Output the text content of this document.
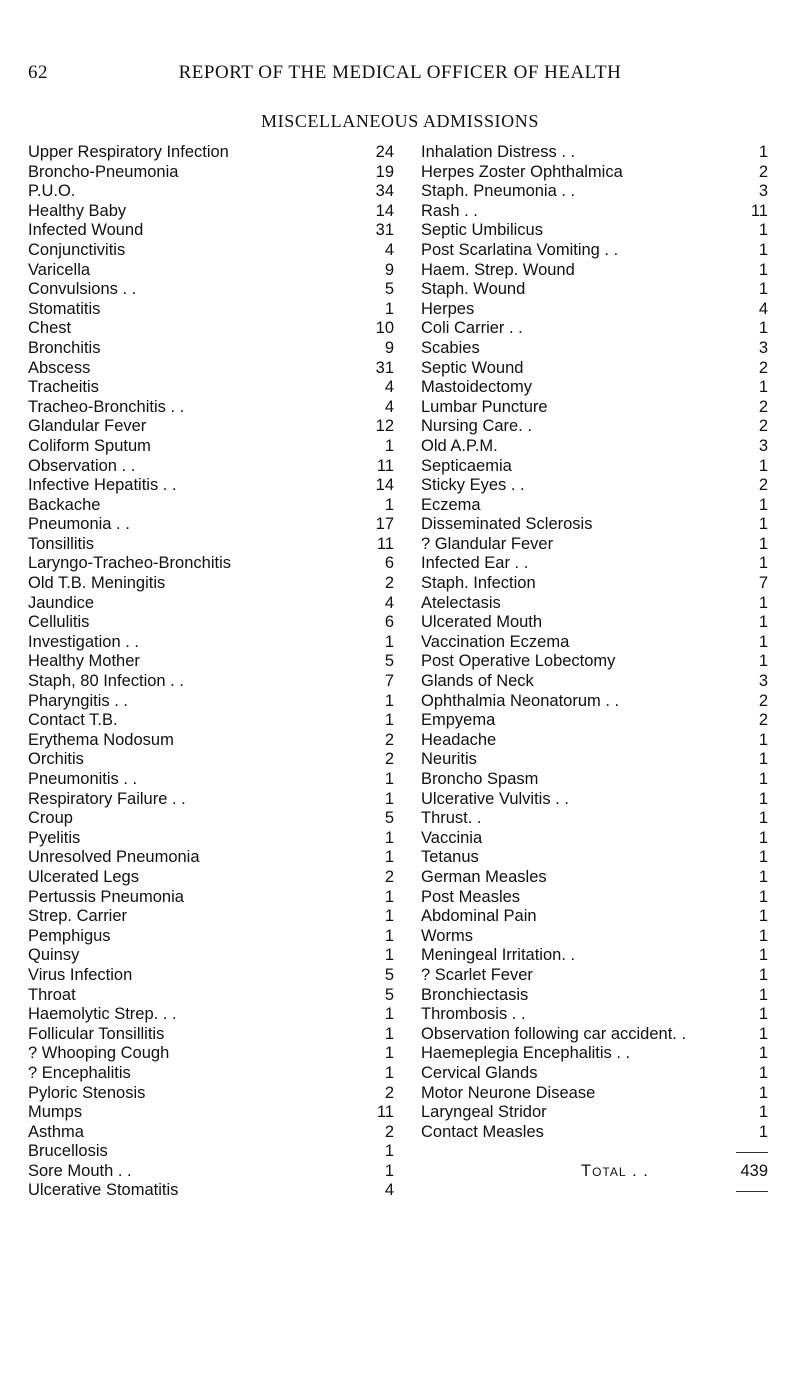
62	REPORT OF THE MEDICAL OFFICER OF HEALTH
MISCELLANEOUS ADMISSIONS
Upper Respiratory Infection	24
Broncho-Pneumonia	19
P.U.O.	34
Healthy Baby	14
Infected Wound	31
Conjunctivitis	4
Varicella	9
Convulsions . .	5
Stomatitis	1
Chest	10
Bronchitis	9
Abscess	31
Tracheitis	4
Tracheo-Bronchitis . .	4
Glandular Fever	12
Coliform Sputum	1
Observation . .	11
Infective Hepatitis . .	14
Backache	1
Pneumonia . .	17
Tonsillitis	11
Laryngo-Tracheo-Bronchitis	6
Old T.B. Meningitis	2
Jaundice	4
Cellulitis	6
Investigation . .	1
Healthy Mother	5
Staph, 80 Infection . .	7
Pharyngitis . .	1
Contact T.B.	1
Erythema Nodosum	2
Orchitis	2
Pneumonitis . .	1
Respiratory Failure . .	1
Croup	5
Pyelitis	1
Unresolved Pneumonia	1
Ulcerated Legs	2
Pertussis Pneumonia	1
Strep. Carrier	1
Pemphigus	1
Quinsy	1
Virus Infection	5
Throat	5
Haemolytic Strep. . .	1
Follicular Tonsillitis	1
? Whooping Cough	1
? Encephalitis	1
Pyloric Stenosis	2
Mumps	11
Asthma	2
Brucellosis	1
Sore Mouth . .	1
Ulcerative Stomatitis	4
Inhalation Distress . .	1
Herpes Zoster Ophthalmica	2
Staph. Pneumonia . .	3
Rash . .	11
Septic Umbilicus	1
Post Scarlatina Vomiting . .	1
Haem. Strep. Wound	1
Staph. Wound	1
Herpes	4
Coli Carrier . .	1
Scabies	3
Septic Wound	2
Mastoidectomy	1
Lumbar Puncture	2
Nursing Care. .	2
Old A.P.M.	3
Septicaemia	1
Sticky Eyes . .	2
Eczema	1
Disseminated Sclerosis	1
? Glandular Fever	1
Infected Ear . .	1
Staph. Infection	7
Atelectasis	1
Ulcerated Mouth	1
Vaccination Eczema	1
Post Operative Lobectomy	1
Glands of Neck	3
Ophthalmia Neonatorum . .	2
Empyema	2
Headache	1
Neuritis	1
Broncho Spasm	1
Ulcerative Vulvitis . .	1
Thrust. .	1
Vaccinia	1
Tetanus	1
German Measles	1
Post Measles	1
Abdominal Pain	1
Worms	1
Meningeal Irritation. .	1
? Scarlet Fever	1
Bronchiectasis	1
Thrombosis . .	1
Observation following car accident. .	1
Haemeplegia Encephalitis . .	1
Cervical Glands	1
Motor Neurone Disease	1
Laryngeal Stridor	1
Contact Measles	1
Total . .	439
